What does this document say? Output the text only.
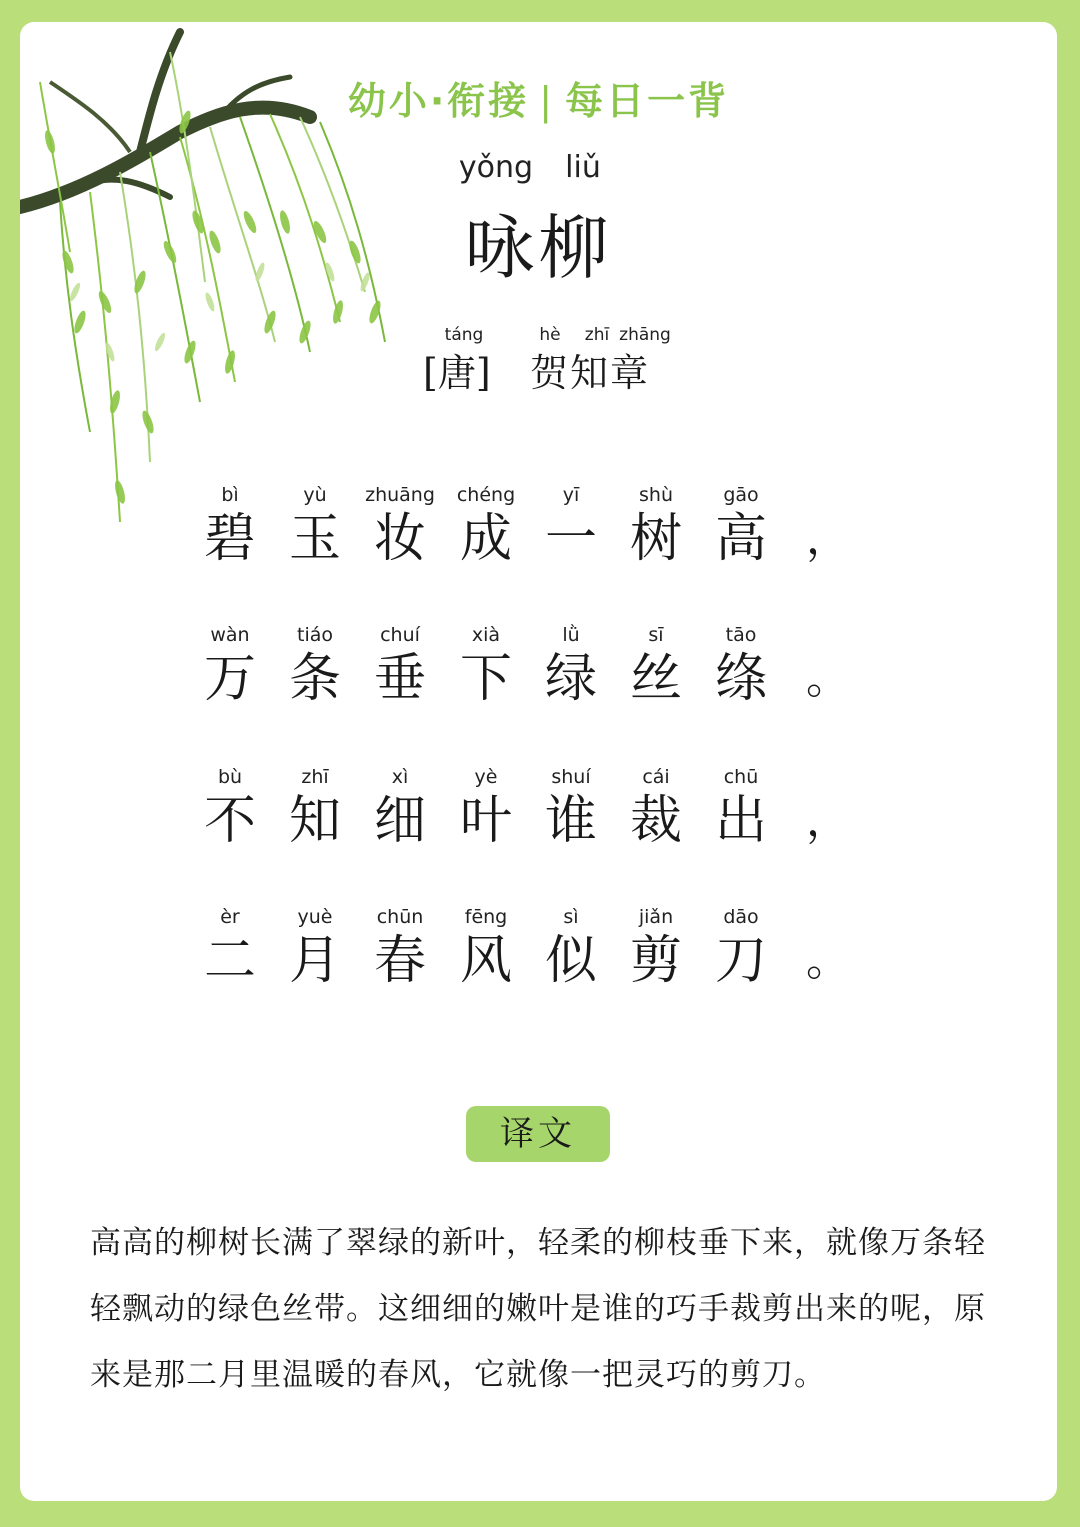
幼小·衔接 | 每日一背
yǒng liǔ
咏柳
táng	hè zhī zhāng
[唐] 贺知章
bì
碧
yù
玉
zhuāng
妆
chéng
成
yī
一
shù
树
gāo
高 ，
wàn
万
tiáo
条
chuí
垂
xià
下
lǜ
绿
sī
丝
tāo
绦 。
bù
不
zhī
知
xì
细
yè
叶
shuí
谁
cái
裁
chū
出 ，
èr
二
yuè
月
chūn
春
fēng
风
sì
似
jiǎn
剪
dāo
刀 。
译文
高高的柳树长满了翠绿的新叶，轻柔的柳枝垂下来，就像万条轻轻飘动的绿色丝带。这细细的嫩叶是谁的巧手裁剪出来的呢，原来是那二月里温暖的春风，它就像一把灵巧的剪刀。
